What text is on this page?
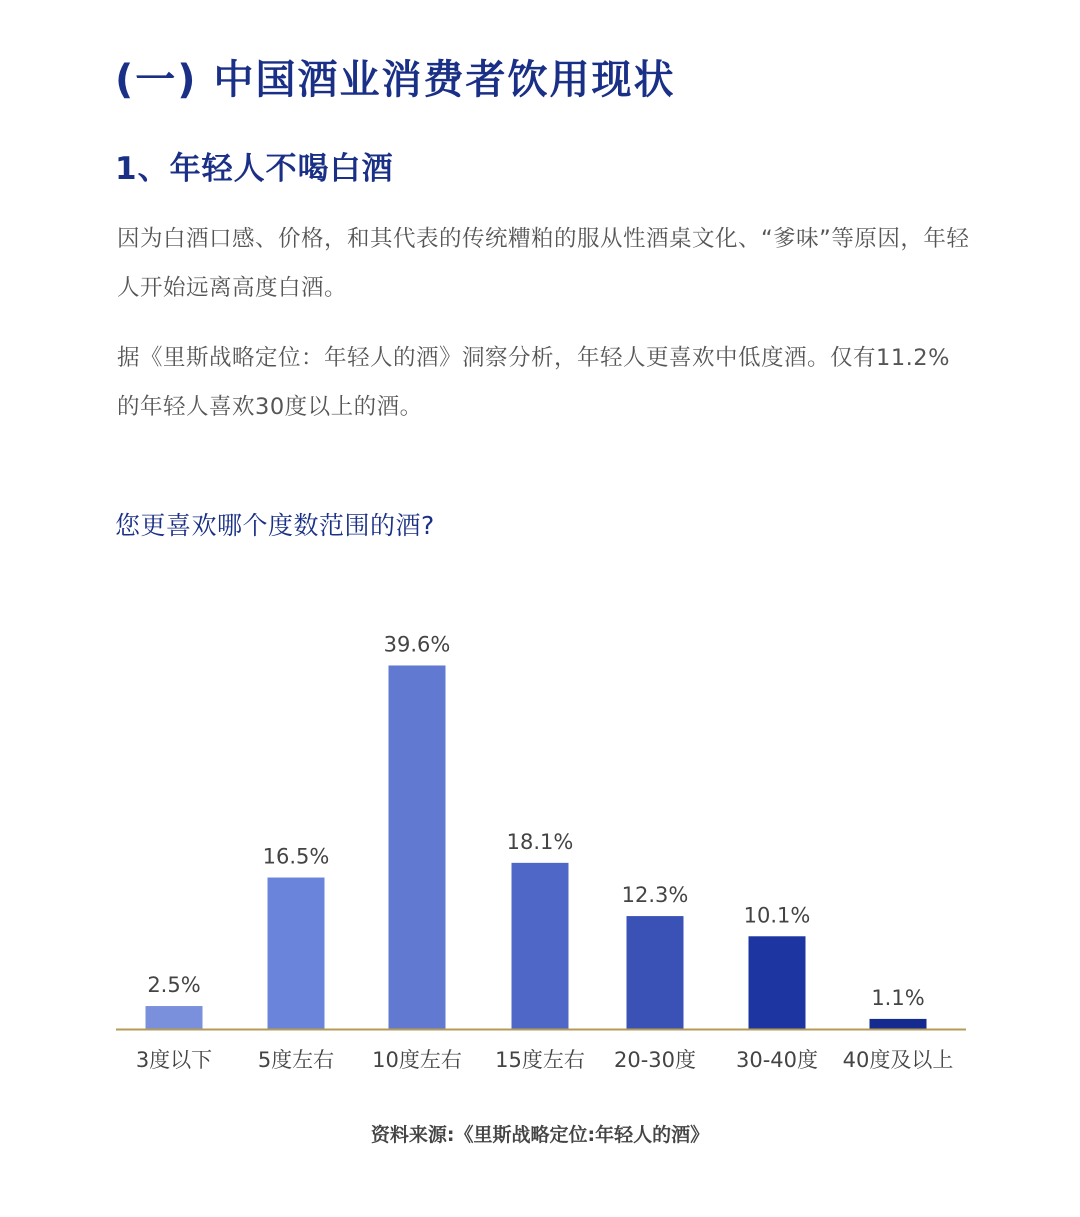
(一) 中国酒业消费者饮用现状
1、年轻人不喝白酒
因为白酒口感、价格，和其代表的传统糟粕的服从性酒桌文化、“爹味”等原因，年轻人开始远离高度白酒。
据《里斯战略定位：年轻人的酒》洞察分析，年轻人更喜欢中低度酒。仅有11.2%的年轻人喜欢30度以上的酒。
您更喜欢哪个度数范围的酒?
2.5%
3度以下
16.5%
5度左右
39.6%
10度左右
18.1%
15度左右
12.3%
20-30度
10.1%
30-40度
1.1%
40度及以上
资料来源:《里斯战略定位:年轻人的酒》
